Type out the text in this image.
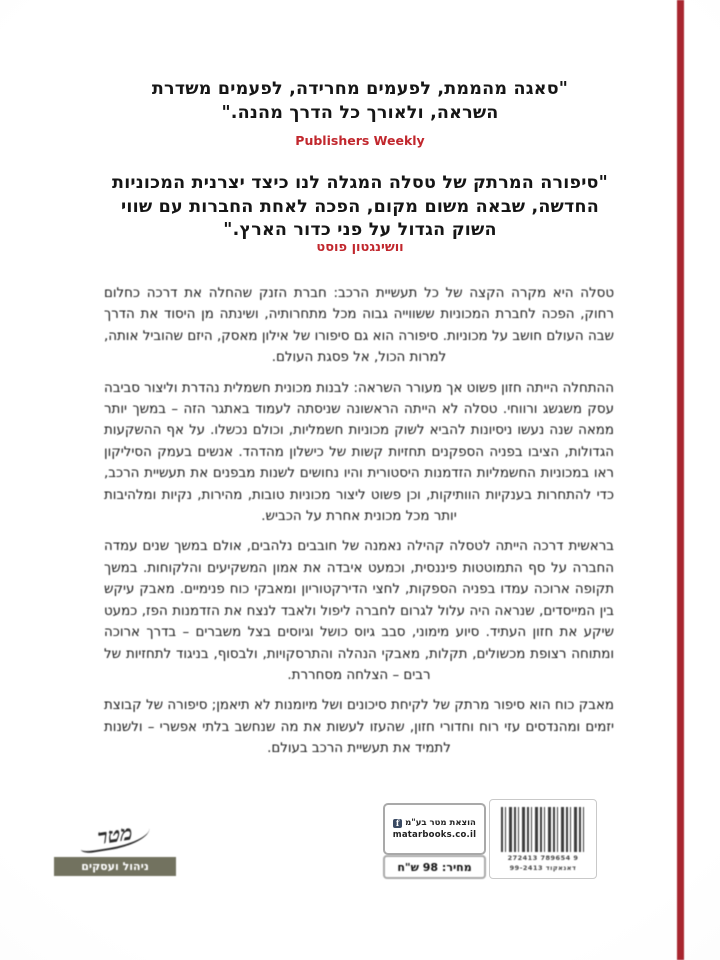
"סאגה מהממת, לפעמים מחרידה, לפעמים משדרת השראה, ולאורך כל הדרך מהנה."
Publishers Weekly
"סיפורה המרתק של טסלה המגלה לנו כיצד יצרנית המכוניות החדשה, שבאה משום מקום, הפכה לאחת החברות עם שווי השוק הגדול על פני כדור הארץ."
וושינגטון פוסט

טסלה היא מקרה הקצה של כל תעשיית הרכב: חברת הזנק שהחלה את דרכה כחלום רחוק, הפכה לחברת המכוניות ששווייה גבוה מכל מתחרותיה, ושינתה מן היסוד את הדרך שבה העולם חושב על מכוניות. סיפורה הוא גם סיפורו של אילון מאסק, היזם שהוביל אותה, למרות הכול, אל פסגת העולם.

ההתחלה הייתה חזון פשוט אך מעורר השראה: לבנות מכונית חשמלית נהדרת וליצור סביבה עסק משגשג ורווחי. טסלה לא הייתה הראשונה שניסתה לעמוד באתגר הזה – במשך יותר ממאה שנה נעשו ניסיונות להביא לשוק מכוניות חשמליות, וכולם נכשלו. על אף ההשקעות הגדולות, הציבו בפניה הספקנים תחזיות קשות של כישלון מהדהד. אנשים בעמק הסיליקון ראו במכוניות החשמליות הזדמנות היסטורית והיו נחושים לשנות מבפנים את תעשיית הרכב, כדי להתחרות בענקיות הוותיקות, וכן פשוט ליצור מכוניות טובות, מהירות, נקיות ומלהיבות יותר מכל מכונית אחרת על הכביש.

בראשית דרכה הייתה לטסלה קהילה נאמנה של חובבים נלהבים, אולם במשך שנים עמדה החברה על סף התמוטטות פיננסית, וכמעט איבדה את אמון המשקיעים והלקוחות. במשך תקופה ארוכה עמדו בפניה הספקות, לחצי הדירקטוריון ומאבקי כוח פנימיים. מאבק עיקש בין המייסדים, שנראה היה עלול לגרום לחברה ליפול ולאבד לנצח את הזדמנות הפז, כמעט שיקע את חזון העתיד. סיוע מימוני, סבב גיוס כושל וגיוסים בצל משברים – בדרך ארוכה ומתוחה רצופת מכשולים, תקלות, מאבקי הנהלה והתרסקויות, ולבסוף, בניגוד לתחזיות של רבים – הצלחה מסחררת.

מאבק כוח הוא סיפור מרתק של לקיחת סיכונים ושל מיומנות לא תיאמן; סיפורה של קבוצת יזמים ומהנדסים עזי רוח וחדורי חזון, שהעזו לעשות את מה שנחשב בלתי אפשרי – ולשנות לתמיד את תעשיית הרכב בעולם.

מטר
ניהול ועסקים
הוצאת מטר בע"מ
f
matarbooks.co.il
מחיר: 98 ש"ח
9 789654 272413
דאנאקוד 99-2413
